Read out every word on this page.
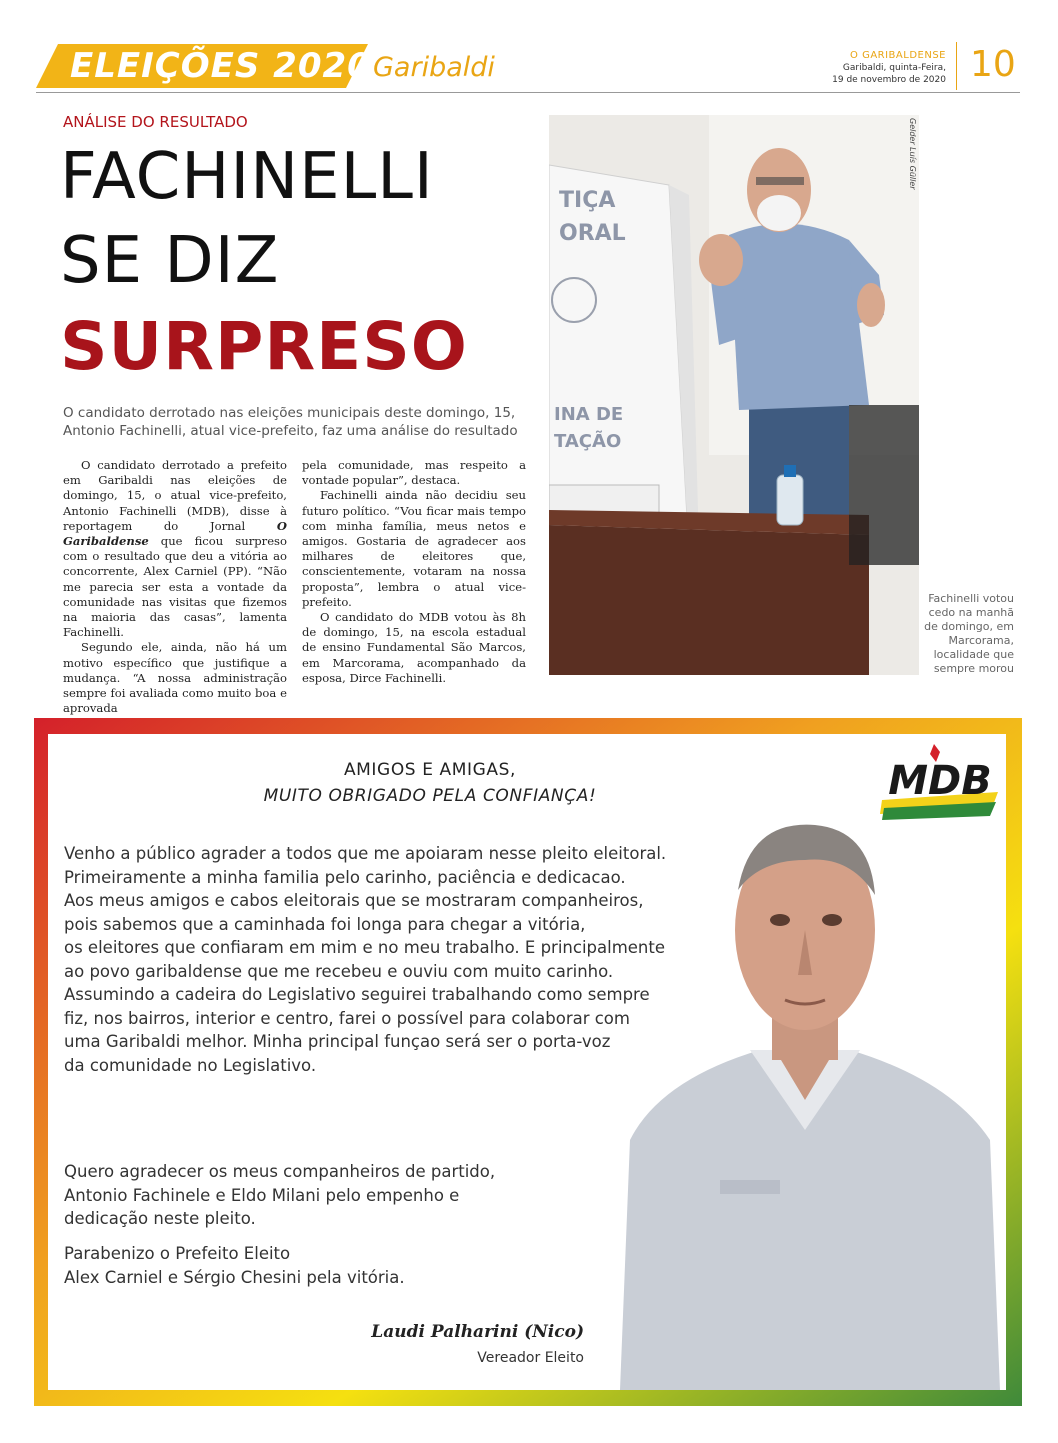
ELEIÇÕES 2020 Garibaldi	O GARIBALDENSE
Garibaldi, quinta-Feira,
19 de novembro de 2020 10
ANÁLISE DO RESULTADO
FACHINELLI
SE DIZ
SURPRESO
O candidato derrotado nas eleições municipais deste domingo, 15, Antonio Fachinelli, atual vice-prefeito, faz uma análise do resultado

O candidato derrotado a prefeito em Garibaldi nas eleições de domingo, 15, o atual vice-prefeito, Antonio Fachinelli (MDB), disse à reportagem do Jornal	O Garibaldense que ficou surpreso com o resultado que deu a vitória ao concorrente, Alex Carniel (PP). “Não me parecia ser esta a vontade da comunidade nas visitas que fizemos na maioria das casas”, lamenta Fachinelli.

Segundo ele, ainda, não há um motivo específico que justifique a mudança. “A nossa administração sempre foi avaliada como muito boa e aprovada

pela comunidade, mas respeito a vontade popular”, destaca.

Fachinelli ainda não decidiu seu futuro político. “Vou ficar mais tempo com minha família, meus netos e amigos. Gostaria de agradecer aos milhares de eleitores que, conscientemente, votaram na nossa proposta”, lembra o atual vice-prefeito.

O candidato do MDB votou às 8h de domingo, 15, na escola estadual de ensino Fundamental São Marcos, em Marcorama, acompanhado da esposa, Dirce Fachinelli.

TIÇA
ORAL
INA DE
TAÇÃO
Gelder Luís Güller
Fachinelli votou cedo na manhã de domingo, em Marcorama, localidade que sempre morou
AMIGOS E AMIGAS,
MUITO OBRIGADO PELA CONFIANÇA!
Venho a público agrader a todos que me apoiaram nesse pleito eleitoral.
Primeiramente a minha familia pelo carinho, paciência e dedicacao.
Aos meus amigos e cabos eleitorais que se mostraram companheiros,
pois sabemos que a caminhada foi longa para chegar a vitória,
os eleitores que confiaram em mim e no meu trabalho. E principalmente
ao povo garibaldense que me recebeu e ouviu com muito carinho.
Assumindo a cadeira do Legislativo seguirei trabalhando como sempre
fiz, nos bairros, interior e centro, farei o possível para colaborar com
uma Garibaldi melhor. Minha principal funçao será ser o porta-voz
da comunidade no Legislativo.
Quero agradecer os meus companheiros de partido,
Antonio Fachinele e Eldo Milani pelo empenho e
dedicação neste pleito.
Parabenizo o Prefeito Eleito
Alex Carniel e Sérgio Chesini pela vitória.
MDB
Laudi Palharini (Nico)
Vereador Eleito
